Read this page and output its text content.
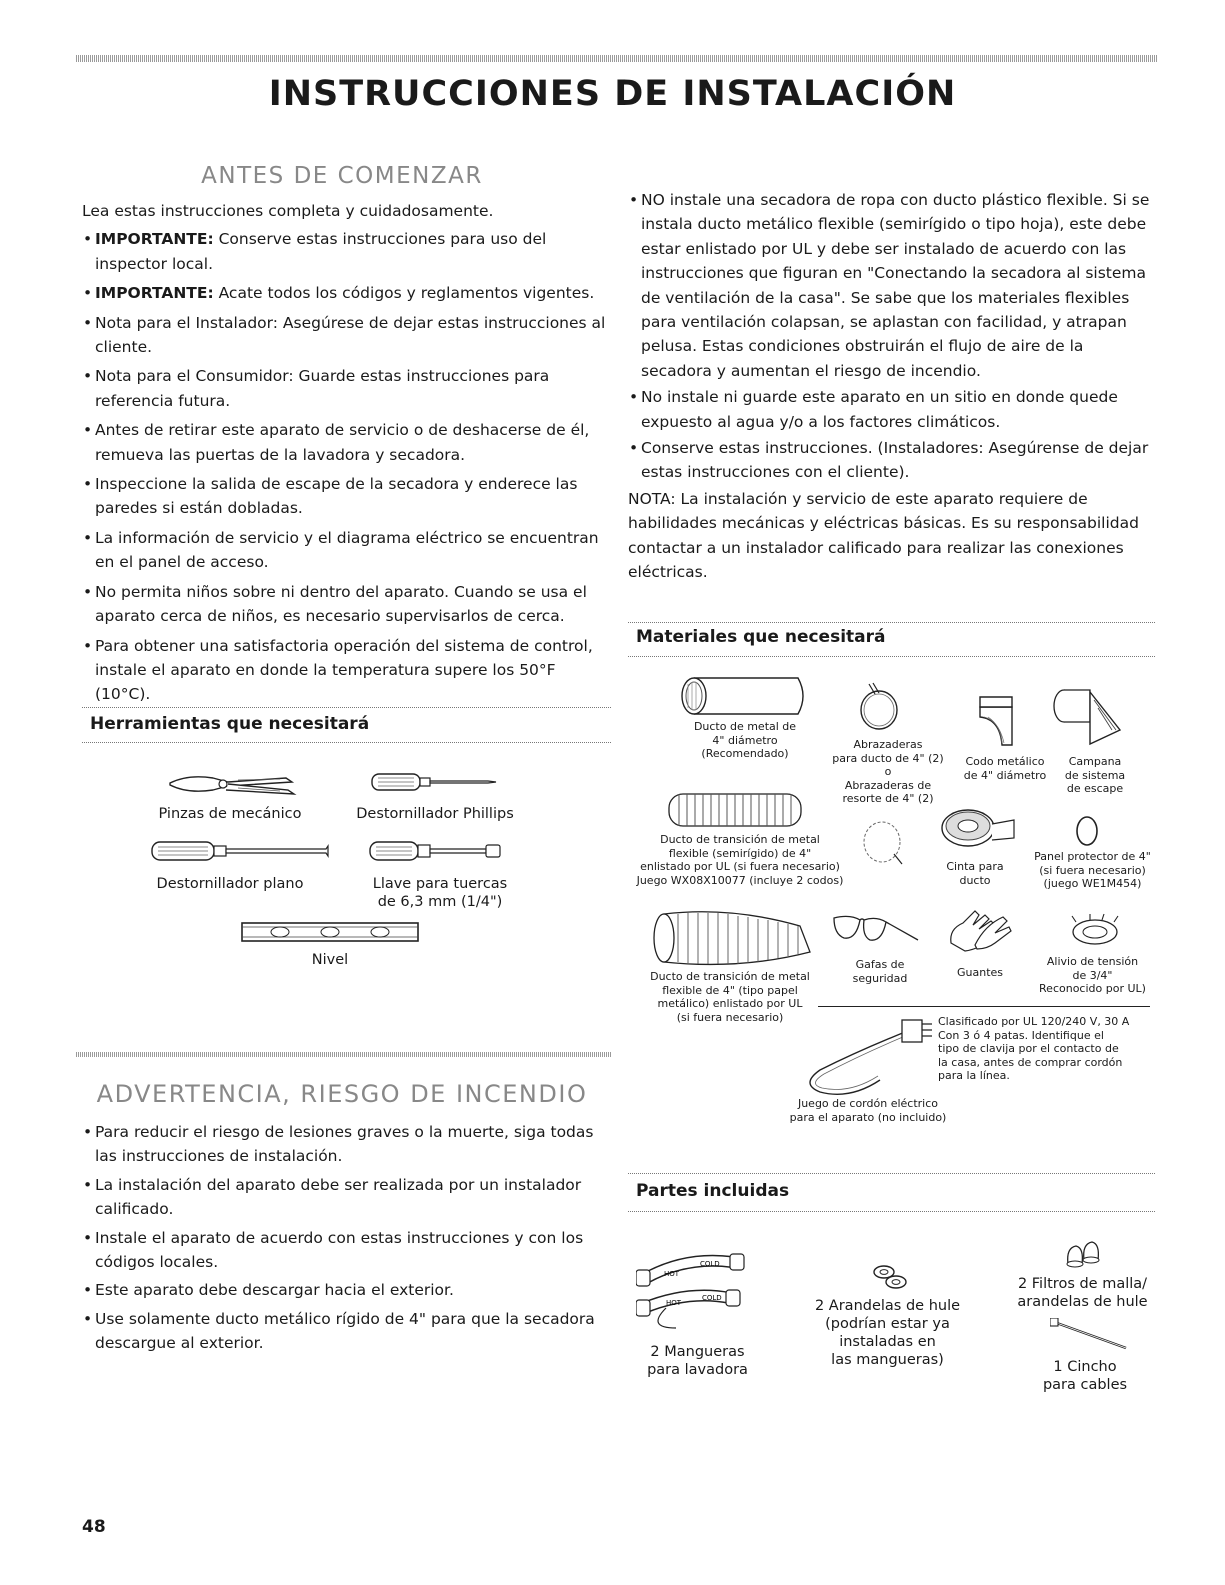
INSTRUCCIONES DE INSTALACIÓN
ANTES DE COMENZAR

Lea estas instrucciones completa y cuidadosamente.

• IMPORTANTE: Conserve estas instrucciones para uso del inspector local.
• IMPORTANTE: Acate todos los códigos y reglamentos vigentes.
• Nota para el Instalador: Asegúrese de dejar estas instrucciones al cliente.
• Nota para el Consumidor: Guarde estas instrucciones para referencia futura.
• Antes de retirar este aparato de servicio o de deshacerse de él, remueva las puertas de la lavadora y secadora.
• Inspeccione la salida de escape de la secadora y enderece las paredes si están dobladas.
• La información de servicio y el diagrama eléctrico se encuentran en el panel de acceso.
• No permita niños sobre ni dentro del aparato. Cuando se usa el aparato cerca de niños, es necesario supervisarlos de cerca.
• Para obtener una satisfactoria operación del sistema de control, instale el aparato en donde la temperatura supere los 50°F (10°C).
• NO instale una secadora de ropa con ducto plástico flexible. Si se instala ducto metálico flexible (semirígido o tipo hoja), este debe estar enlistado por UL y debe ser instalado de acuerdo con las instrucciones que figuran en "Conectando la secadora al sistema de ventilación de la casa". Se sabe que los materiales flexibles para ventilación colapsan, se aplastan con facilidad, y atrapan pelusa. Estas condiciones obstruirán el flujo de aire de la secadora y aumentan el riesgo de incendio.
• No instale ni guarde este aparato en un sitio en donde quede expuesto al agua y/o a los factores climáticos.
• Conserve estas instrucciones. (Instaladores: Asegúrense de dejar estas instrucciones con el cliente).

NOTA: La instalación y servicio de este aparato requiere de habilidades mecánicas y eléctricas básicas. Es su responsabilidad contactar a un instalador calificado para realizar las conexiones eléctricas.

Herramientas que necesitará
Pinzas de mecánico	Destornillador Phillips
Destornillador plano	Llave para tuercas

de 6,3 mm (1/4")

Nivel
ADVERTENCIA, RIESGO DE INCENDIO
• Para reducir el riesgo de lesiones graves o la muerte, siga todas las instrucciones de instalación.
• La instalación del aparato debe ser realizada por un instalador calificado.
• Instale el aparato de acuerdo con estas instrucciones y con los códigos locales.
• Este aparato debe descargar hacia el exterior.
• Use solamente ducto metálico rígido de 4" para que la secadora descargue al exterior.
Materiales que necesitará

Ducto de metal de

4" diámetro

(Recomendado)

Abrazaderas

para ducto de 4" (2)

o

Abrazaderas de

resorte de 4" (2)

Codo metálico

de 4" diámetro

Campana

de sistema

de escape

Ducto de transición de metal

flexible (semirígido) de 4"

enlistado por UL (si fuera necesario)

Juego WX08X10077 (incluye 2 codos)

Cinta para

ducto

Panel protector de 4"

(si fuera necesario)

(juego WE1M454)

Ducto de transición de metal

flexible de 4" (tipo papel

metálico) enlistado por UL

(si fuera necesario)

Gafas de

seguridad	Guantes

Alivio de tensión

de 3/4"

Reconocido por UL)

Clasificado por UL 120/240 V, 30 A

Con 3 ó 4 patas. Identifique el

tipo de clavija por el contacto de

la casa, antes de comprar cordón

para la línea.

Juego de cordón eléctrico

para el aparato (no incluido)

Partes incluidas
HOT
COLD
HOT
COLD

2 Mangueras

para lavadora

2 Arandelas de hule

(podrían estar ya

instaladas en

las mangueras)

2 Filtros de malla/

arandelas de hule

1 Cincho

para cables

48
